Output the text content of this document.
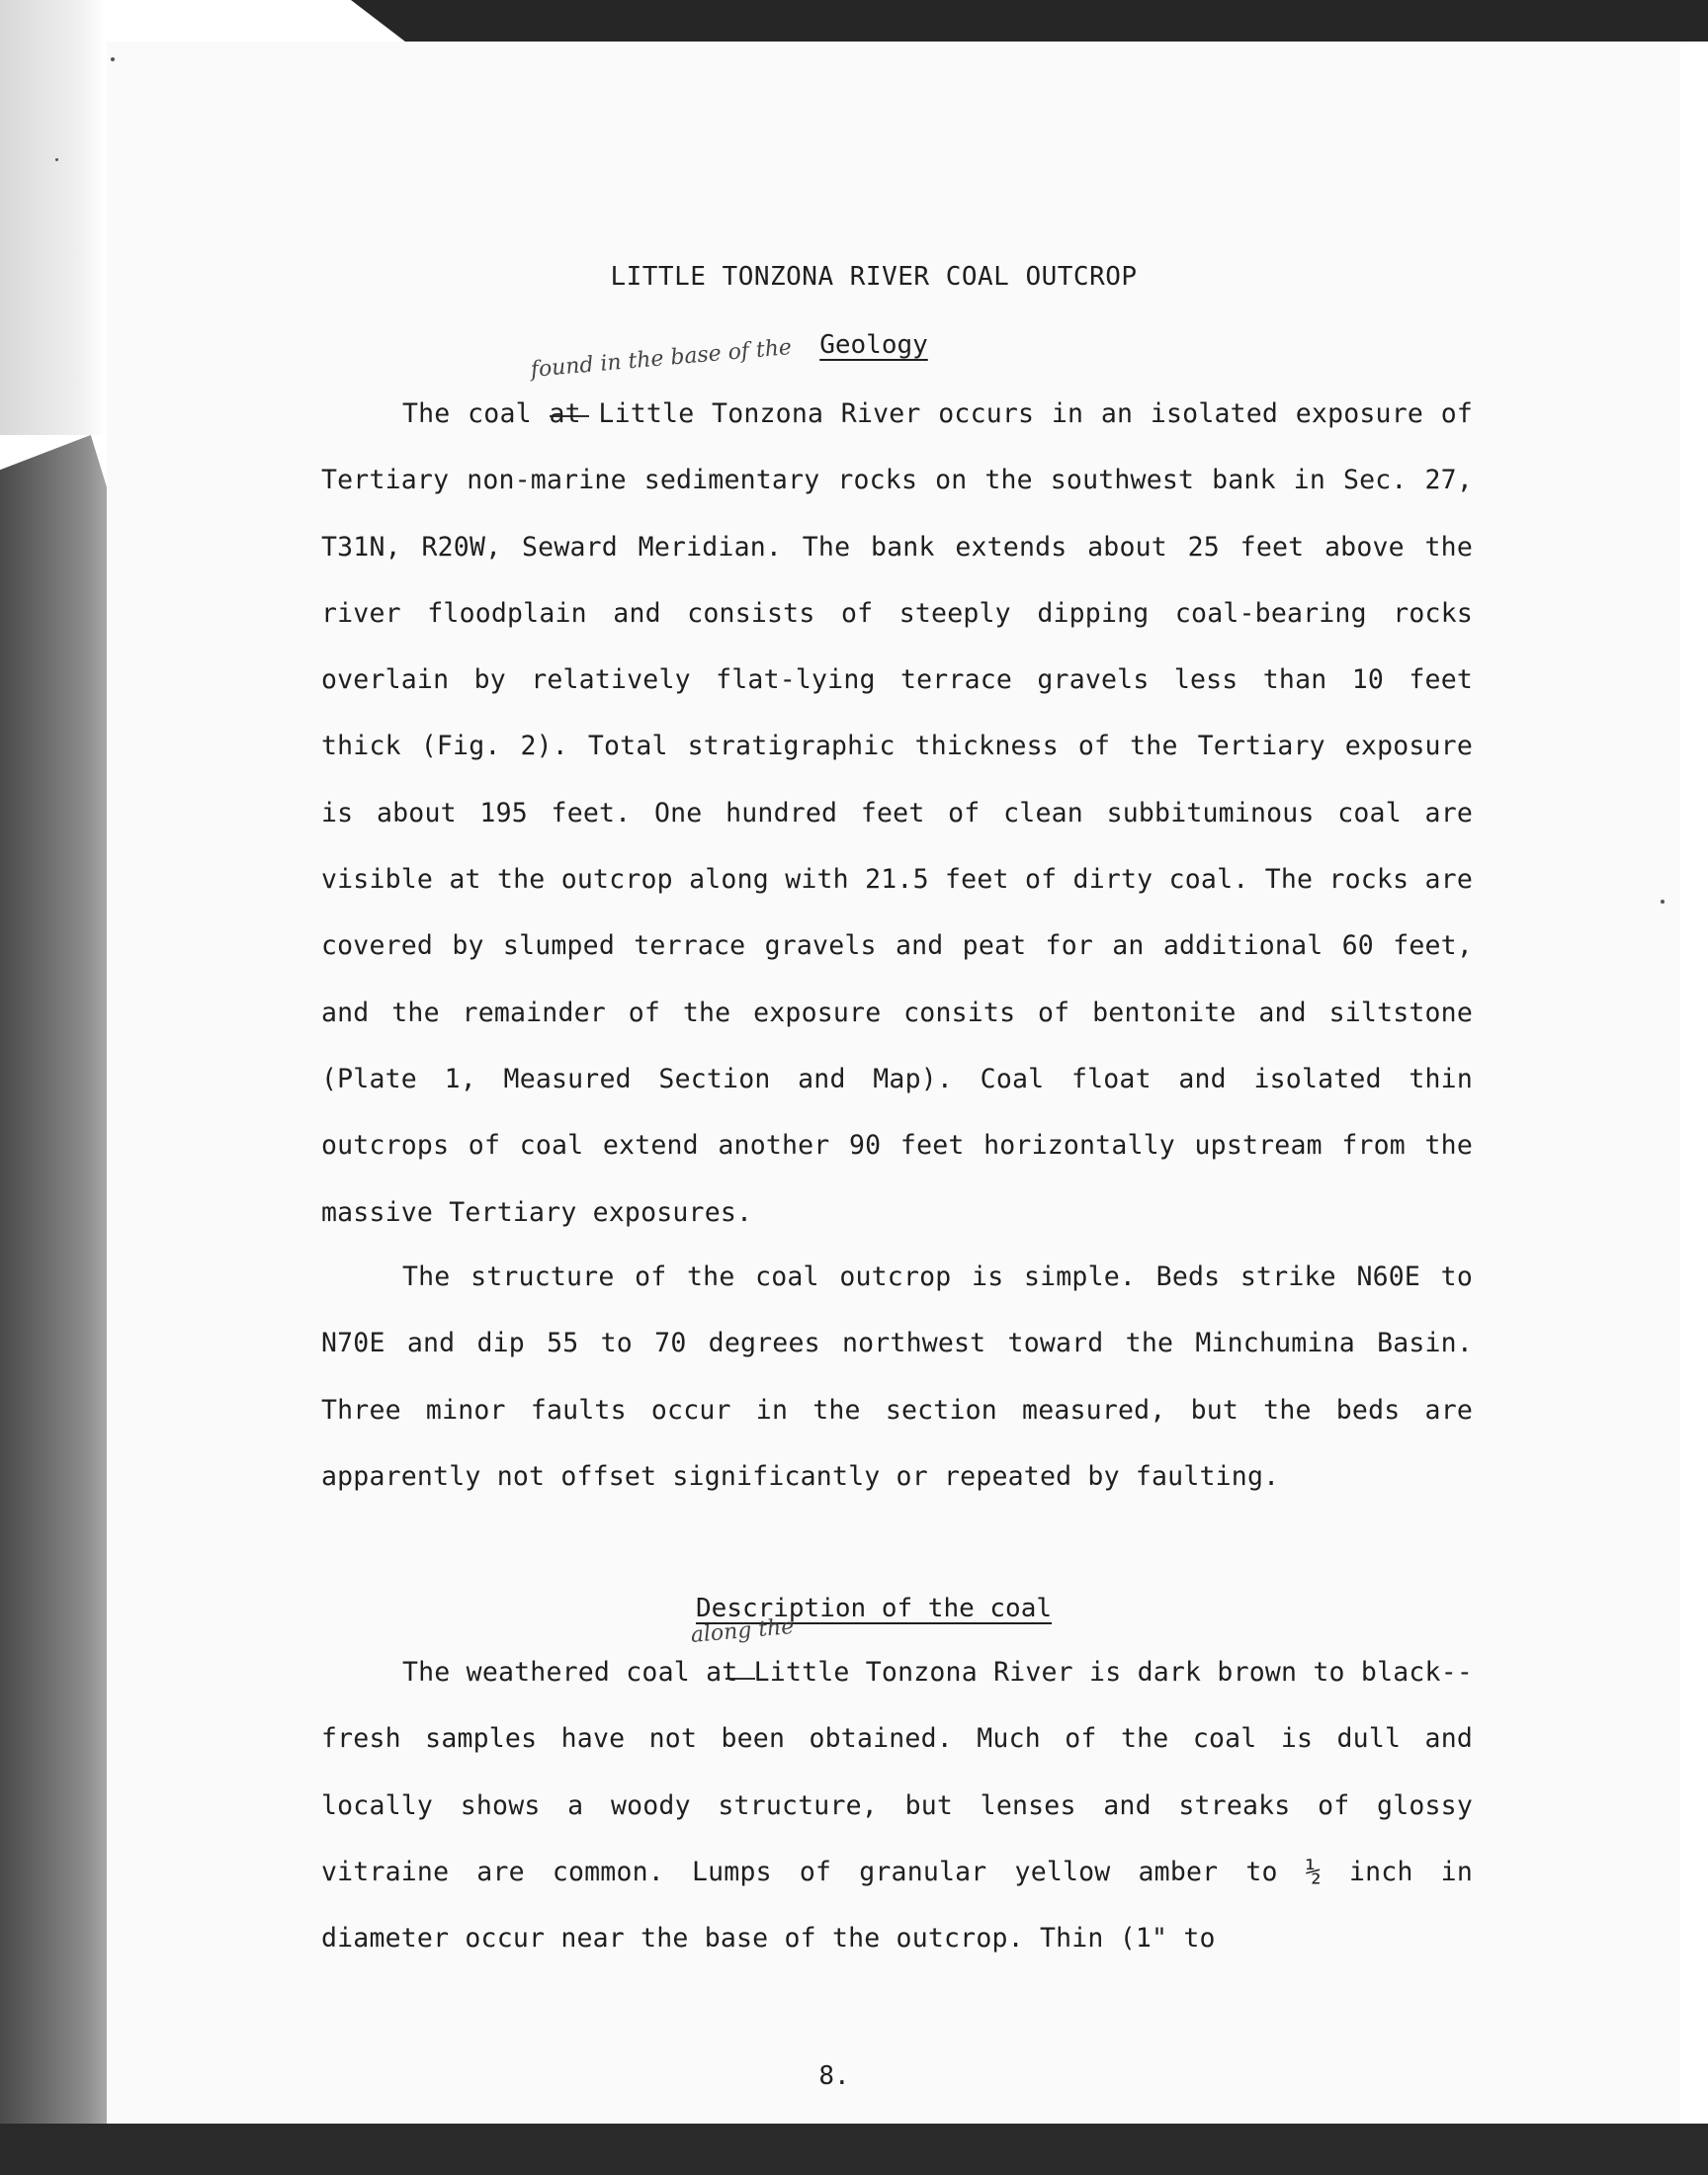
LITTLE TONZONA RIVER COAL OUTCROP
Geology
found in the base of the

The coal at Little Tonzona River occurs in an isolated exposure of Tertiary non-marine sedimentary rocks on the southwest bank in Sec. 27, T31N, R20W, Seward Meridian. The bank extends about 25 feet above the river floodplain and consists of steeply dipping coal-bearing rocks overlain by relatively flat-lying terrace gravels less than 10 feet thick (Fig. 2). Total stratigraphic thickness of the Tertiary exposure is about 195 feet. One hundred feet of clean subbituminous coal are visible at the outcrop along with 21.5 feet of dirty coal. The rocks are covered by slumped terrace gravels and peat for an additional 60 feet, and the remainder of the exposure consits of bentonite and siltstone (Plate 1, Measured Section and Map). Coal float and isolated thin outcrops of coal extend another 90 feet horizontally upstream from the massive Tertiary exposures.

The structure of the coal outcrop is simple. Beds strike N60E to N70E and dip 55 to 70 degrees northwest toward the Minchumina Basin. Three minor faults occur in the section measured, but the beds are apparently not offset significantly or repeated by faulting.

Description of the coal
along the

The weathered coal at Little Tonzona River is dark brown to black--fresh samples have not been obtained. Much of the coal is dull and locally shows a woody structure, but lenses and streaks of glossy vitraine are common. Lumps of granular yellow amber to ½ inch in diameter occur near the base of the outcrop. Thin (1" to

8.
